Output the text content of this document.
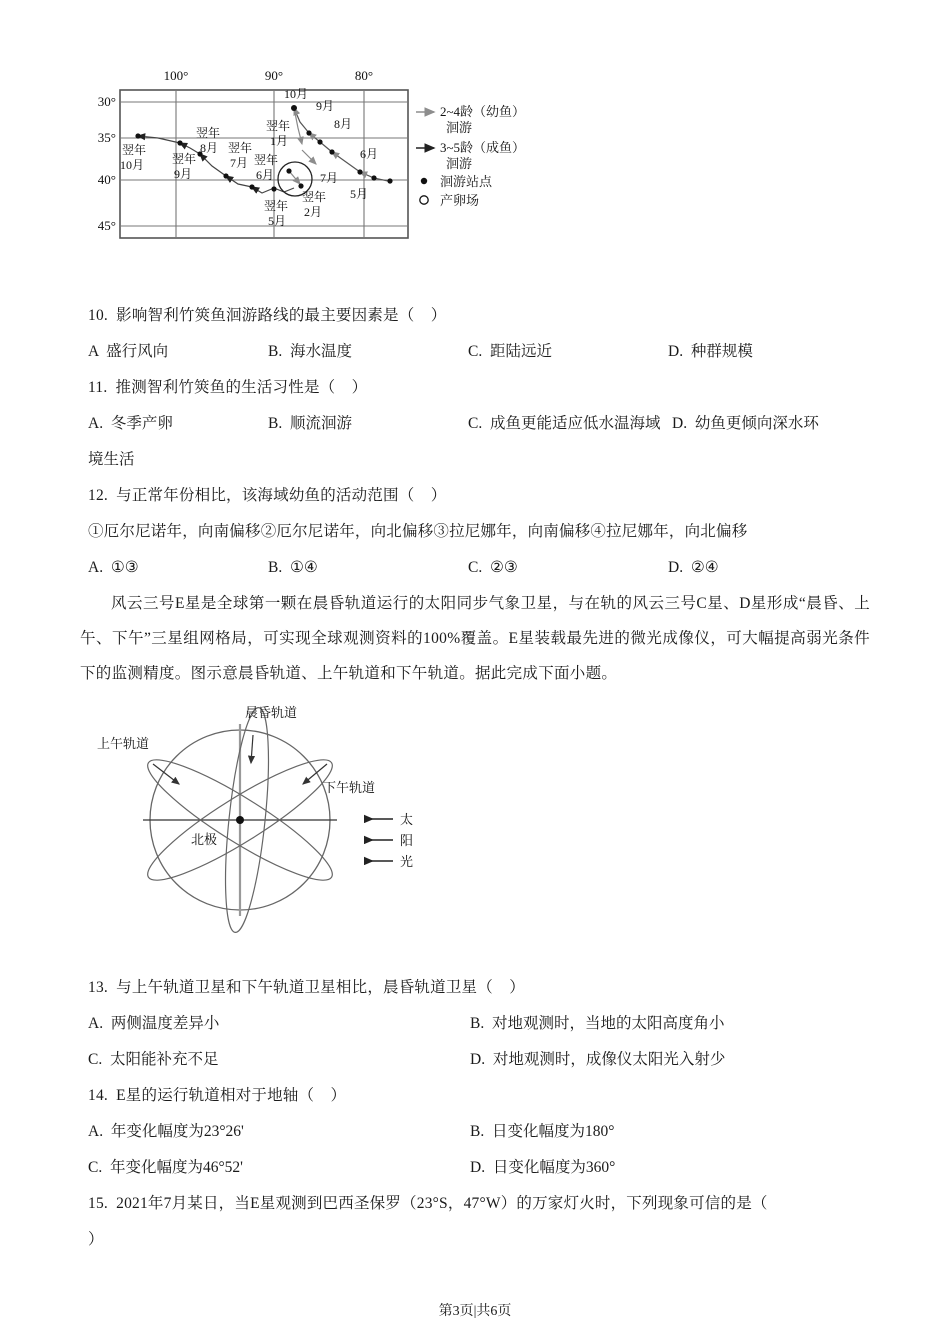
100°	90°	80°
30°
35°
40°
45°
翌年
10月 翌年
9月
翌年
8月 翌年
7月 翌年
6月
翌年
5月
翌年
2月
翌年
1月
10月
9月
8月
7月
6月
5月
2~4龄（幼鱼）
洄游
3~5龄（成鱼）
洄游
洄游站点
产卵场
10.  影响智利竹筴鱼洄游路线的最主要因素是（    ）
A  盛行风向	B.  海水温度	C.  距陆远近	D.  种群规模
11.  推测智利竹筴鱼的生活习性是（    ）
A.  冬季产卵	B.  顺流洄游	C.  成鱼更能适应低水温海域 D.  幼鱼更倾向深水环
境生活
12.  与正常年份相比，该海域幼鱼的活动范围（    ）
①厄尔尼诺年，向南偏移②厄尔尼诺年，向北偏移③拉尼娜年，向南偏移④拉尼娜年，向北偏移
A.  ①③	B.  ①④	C.  ②③	D.  ②④
风云三号E星是全球第一颗在晨昏轨道运行的太阳同步气象卫星，与在轨的风云三号C星、D星形成“晨昏、上午、下午”三星组网格局，可实现全球观测资料的100%覆盖。E星装载最先进的微光成像仪，可大幅提高弱光条件下的监测精度。图示意晨昏轨道、上午轨道和下午轨道。据此完成下面小题。
晨昏轨道
上午轨道
下午轨道
北极
太
阳
光
13.  与上午轨道卫星和下午轨道卫星相比，晨昏轨道卫星（    ）
A.  两侧温度差异小	B.  对地观测时，当地的太阳高度角小
C.  太阳能补充不足	D.  对地观测时，成像仪太阳光入射少
14.  E星的运行轨道相对于地轴（    ）
A.  年变化幅度为23°26'	B.  日变化幅度为180°
C.  年变化幅度为46°52'	D.  日变化幅度为360°
15.  2021年7月某日，当E星观测到巴西圣保罗（23°S，47°W）的万家灯火时，下列现象可信的是（
）
第3页|共6页
